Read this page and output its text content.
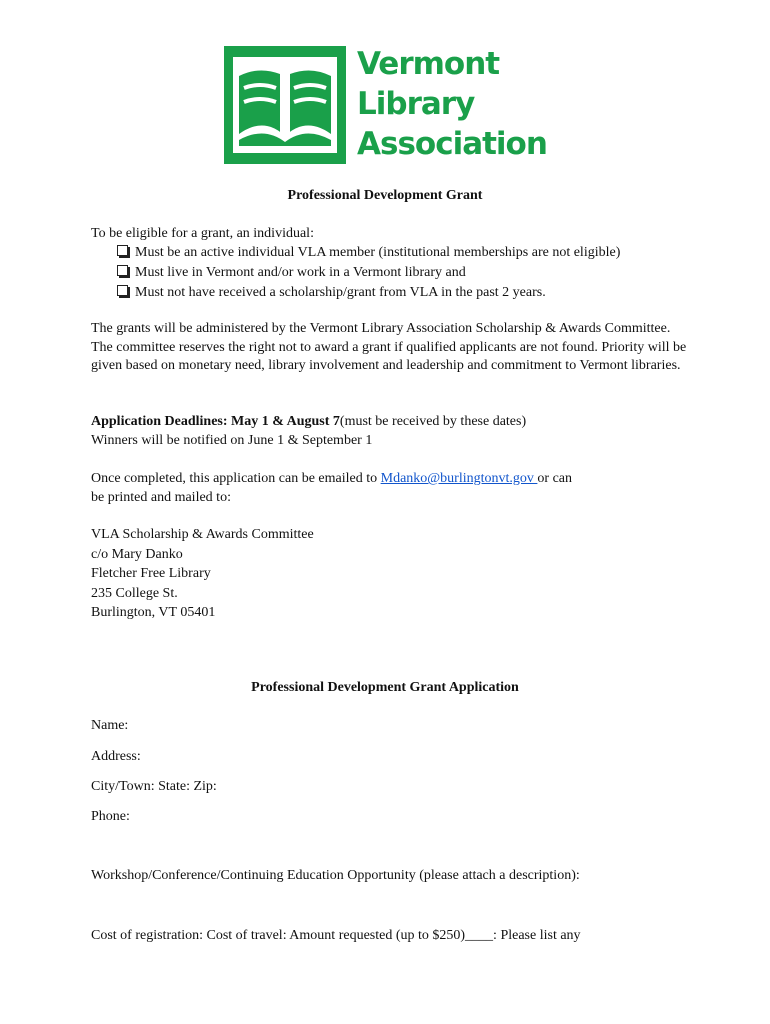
Vermont
Library
Association
Professional Development Grant
To be eligible for a grant, an individual:
Must be an active individual VLA member (institutional memberships are not eligible)
Must live in Vermont and/or work in a Vermont library and
Must not have received a scholarship/grant from VLA in the past 2 years.
The grants will be administered by the Vermont Library Association Scholarship & Awards Committee. The committee reserves the right not to award a grant if qualified applicants are not found. Priority will be given based on monetary need, library involvement and leadership and commitment to Vermont libraries.
Application Deadlines: May 1 & August 7(must be received by these dates)
Winners will be notified on June 1 & September 1
Once completed, this application can be emailed to Mdanko@burlingtonvt.gov or can
be printed and mailed to:
VLA Scholarship & Awards Committee
c/o Mary Danko
Fletcher Free Library
235 College St.
Burlington, VT 05401
Professional Development Grant Application
Name:
Address:
City/Town: State: Zip:
Phone:
Workshop/Conference/Continuing Education Opportunity (please attach a description):
Cost of registration: Cost of travel: Amount requested (up to $250)____: Please list any
